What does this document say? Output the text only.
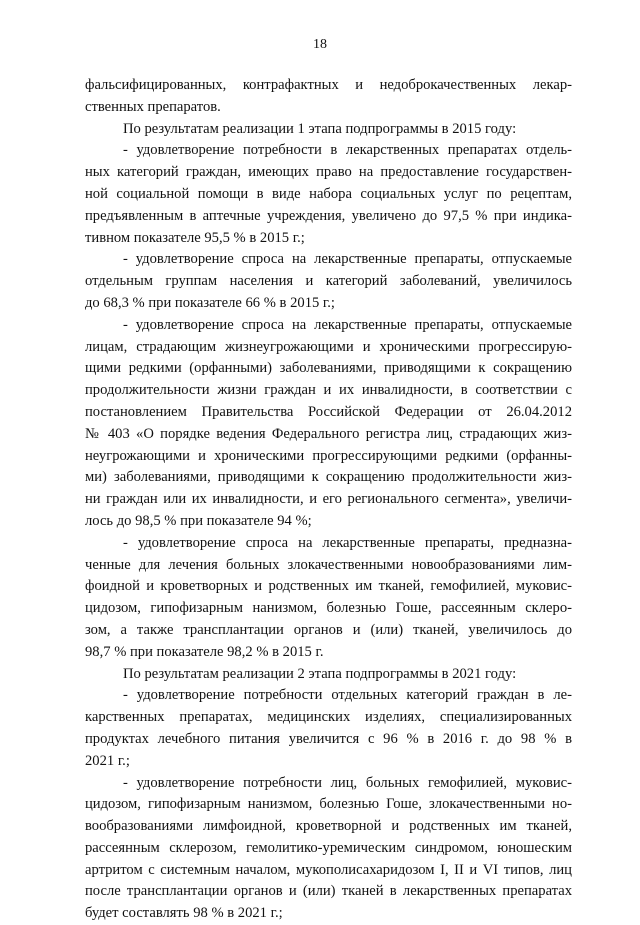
18
фальсифицированных, контрафактных и недоброкачественных лекар-
ственных препаратов.
По результатам реализации 1 этапа подпрограммы в 2015 году:
- удовлетворение потребности в лекарственных препаратах отдель-
ных категорий граждан, имеющих право на предоставление государствен-
ной социальной помощи в виде набора социальных услуг по рецептам,
предъявленным в аптечные учреждения, увеличено до 97,5 % при индика-
тивном показателе 95,5 % в 2015 г.;
- удовлетворение спроса на лекарственные препараты, отпускаемые
отдельным группам населения и категорий заболеваний, увеличилось
до 68,3 % при показателе 66 % в 2015 г.;
- удовлетворение спроса на лекарственные препараты, отпускаемые
лицам, страдающим жизнеугрожающими и хроническими прогрессирую-
щими редкими (орфанными) заболеваниями, приводящими к сокращению
продолжительности жизни граждан и их инвалидности, в соответствии с
постановлением Правительства Российской Федерации от 26.04.2012
№ 403 «О порядке ведения Федерального регистра лиц, страдающих жиз-
неугрожающими и хроническими прогрессирующими редкими (орфанны-
ми) заболеваниями, приводящими к сокращению продолжительности жиз-
ни граждан или их инвалидности, и его регионального сегмента», увеличи-
лось до 98,5 % при показателе 94 %;
- удовлетворение спроса на лекарственные препараты, предназна-
ченные для лечения больных злокачественными новообразованиями лим-
фоидной и кроветворных и родственных им тканей, гемофилией, муковис-
цидозом, гипофизарным нанизмом, болезнью Гоше, рассеянным склеро-
зом, а также трансплантации органов и (или) тканей, увеличилось до
98,7 % при показателе 98,2 % в 2015 г.
По результатам реализации 2 этапа подпрограммы в 2021 году:
- удовлетворение потребности отдельных категорий граждан в ле-
карственных препаратах, медицинских изделиях, специализированных
продуктах лечебного питания увеличится с 96 % в 2016 г. до 98 % в
2021 г.;
- удовлетворение потребности лиц, больных гемофилией, муковис-
цидозом, гипофизарным нанизмом, болезнью Гоше, злокачественными но-
вообразованиями лимфоидной, кроветворной и родственных им тканей,
рассеянным склерозом, гемолитико-уремическим синдромом, юношеским
артритом с системным началом, мукополисахаридозом I, II и VI типов, лиц
после трансплантации органов и (или) тканей в лекарственных препаратах
будет составлять 98 % в 2021 г.;
